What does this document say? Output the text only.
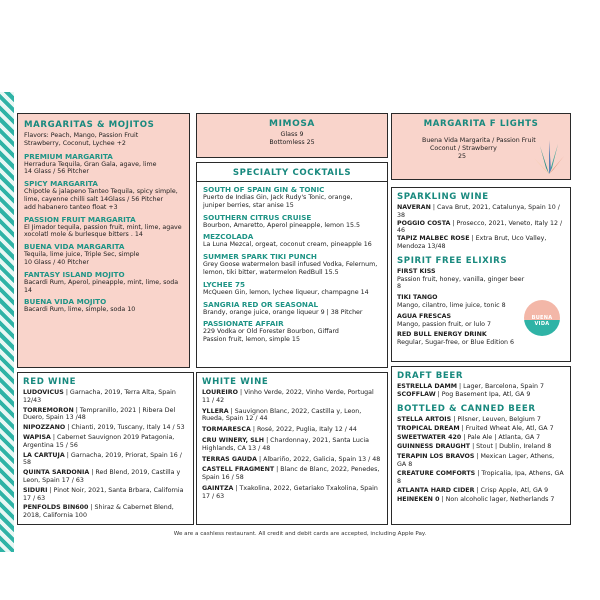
MARGARITAS & MOJITOS
Flavors: Peach, Mango, Passion Fruit
Strawberry, Coconut, Lychee +2
PREMIUM MARGARITA
Herradura Tequila, Gran Gala, agave, lime
14 Glass / 56 Pitcher
SPICY MARGARITA
Chipotle & jalapeno Tanteo Tequila, spicy simple,
lime, cayenne chilli salt 14Glass / 56 Pitcher
add habanero tanteo float +3
PASSION FRUIT MARGARITA
El Jimador tequila, passion fruit, mint, lime, agave
xocolatl mole & burlesque bitters . 14
BUENA VIDA MARGARITA
Tequila, lime juice, Triple Sec, simple
10 Glass / 40 Pitcher
FANTASY ISLAND MOJITO
Bacardi Rum, Aperol, pineapple, mint, lime, soda
14
BUENA VIDA MOJITO
Bacardi Rum, lime, simple, soda 10
MIMOSA
Glass 9
Bottomless 25
MARGARITA F LIGHTS
Buena Vida Margarita / Passion Fruit
Coconut / Strawberry
25
SPECIALTY COCKTAILS
SOUTH OF SPAIN GIN & TONIC
Puerto de Indias Gin, Jack Rudy's Tonic, orange,
juniper berries, star anise 15
SOUTHERN CITRUS CRUISE
Bourbon, Amaretto, Aperol pineapple, lemon 15.5
MEZCOLADA
La Luna Mezcal, orgeat, coconut cream, pineapple 16
SUMMER SPARK TIKI PUNCH
Grey Goose watermelon basil infused Vodka, Felernum,
lemon, tiki bitter, watermelon RedBull 15.5
LYCHEE 75
McQueen Gin, lemon, lychee liqueur, champagne 14
SANGRIA RED OR SEASONAL
Brandy, orange juice, orange liqueur 9 | 38 Pitcher
PASSIONATE AFFAIR
229 Vodka or Old Forester Bourbon, Giffard
Passion fruit, lemon, simple 15
SPARKLING WINE
NAVERAN | Cava Brut, 2021, Catalunya, Spain 10 / 38
POGGIO COSTA | Prosecco, 2021, Veneto, Italy 12 / 46
TAPIZ MALBEC ROSE | Extra Brut, Uco Valley, Mendoza 13/48
SPIRIT FREE ELIXIRS
FIRST KISS
Passion fruit, honey, vanilla, ginger beer 8
TIKI TANGO
Mango, cilantro, lime juice, tonic 8
AGUA FRESCAS
Mango, passion fruit, or lulo 7
RED BULL ENERGY DRINK
Regular, Sugar-free, or Blue Edition 6
BUENA VIDA
RED WINE
LUDOVICUS | Garnacha, 2019, Terra Alta, Spain 12/43
TORREMORON | Tempranillo, 2021 | Ribera Del Duero, Spain 13 /48
NIPOZZANO | Chianti, 2019, Tuscany, Italy 14 / 53
WAPISA | Cabernet Sauvignon 2019 Patagonia, Argentina 15 / 56
LA CARTUJA | Garnacha, 2019, Priorat, Spain 16 / 58
QUINTA SARDONIA | Red Blend, 2019, Castilla y Leon, Spain 17 / 63
SIDURI | Pinot Noir, 2021, Santa Brbara, California 17 / 63
PENFOLDS BIN600 | Shiraz & Cabernet Blend, 2018, California 100
WHITE WINE
LOUREIRO | Vinho Verde, 2022, Vinho Verde, Portugal 11 / 42
YLLERA | Sauvignon Blanc, 2022, Castilla y, Leon, Rueda, Spain 12 / 44
TORMARESCA | Rosé, 2022, Puglia, Italy 12 / 44
CRU WINERY, SLH | Chardonnay, 2021, Santa Lucia Highlands, CA 13 / 48
TERRAS GAUDA | Albariño, 2022, Galicia, Spain 13 / 48
CASTELL FRAGMENT | Blanc de Blanc, 2022, Penedes, Spain 16 / 58
GAINTZA | Txakolina, 2022, Getariako Txakolina, Spain 17 / 63
DRAFT BEER
ESTRELLA DAMM | Lager, Barcelona, Spain 7
SCOFFLAW | Pog Basement Ipa, Atl, GA 9
BOTTLED & CANNED BEER
STELLA ARTOIS | Pilsner, Leuven, Belgium 7
TROPICAL DREAM | Fruited Wheat Ale, Atl, GA 7
SWEETWATER 420 | Pale Ale | Atlanta, GA 7
GUINNESS DRAUGHT | Stout | Dublin, Ireland 8
TERAPIN LOS BRAVOS | Mexican Lager, Athens, GA 8
CREATURE COMFORTS | Tropicalia, Ipa, Athens, GA 8
ATLANTA HARD CIDER | Crisp Apple, Atl, GA 9
HEINEKEN 0 | Non alcoholic lager, Netherlands 7
We are a cashless restaurant. All credit and debit cards are accepted, including Apple Pay.
